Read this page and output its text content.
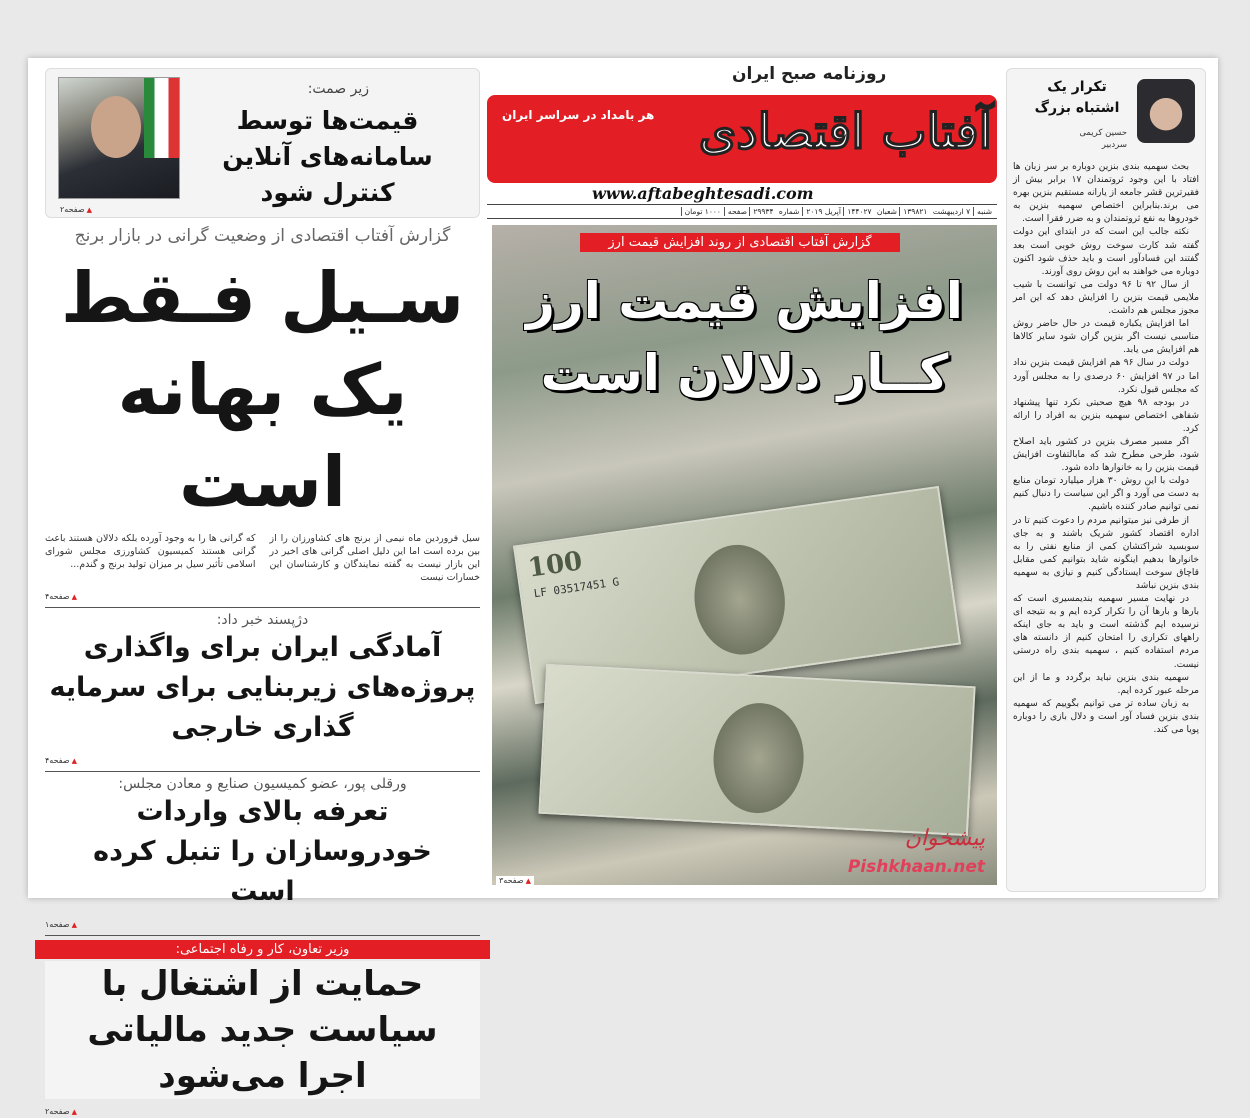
زیر صمت:
قیمت‌ها توسط سامانه‌های آنلاین کنترل شود
▲ صفحه۲
گزارش آفتاب اقتصادی از وضعیت گرانی در بازار برنج
سـیل فـقط
یک بهانه است
سیل فروردین ماه نیمی از برنج های کشاورزان را از بین برده است اما این دلیل اصلی گرانی های اخیر در این بازار نیست به گفته نمایندگان و کارشناسان این خسارات نیست
که گرانی ها را به وجود آورده بلکه دلالان هستند باعث گرانی هستند کمیسیون کشاورزی مجلس شورای اسلامی تأثیر سیل بر میزان تولید برنج و گندم...
▲ صفحه۴
دژپسند خبر داد:
آمادگی ایران برای واگذاری پروژه‌های زیربنایی برای سرمایه گذاری خارجی
▲ صفحه۴
ورقلی پور، عضو کمیسیون صنایع و معادن مجلس:
تعرفه بالای واردات خودروسازان را تنبل کرده است
▲ صفحه۱
وزیر تعاون، کار و رفاه اجتماعی:
حمایت از اشتغال با سیاست جدید مالیاتی اجرا می‌شود
▲ صفحه۲
آفتاب اقتصادی
روزنامه صبح ایران
هر بامداد در سراسر ایران
www.aftabeghtesadi.com
شنبه۷ اردیبهشت ۱۳۹۸۲۱ شعبان ۱۴۴۰۲۷ آپریل ۲۰۱۹شماره ۲۹۹۳۴ صفحه۱۰۰۰ تومان
100
LF 03517451 G
گزارش آفتاب اقتصادی از روند افزایش قیمت ارز
افزایش قیمت ارز
کــار دلالان است
پیشخوان
Pishkhaan.net
▲ صفحه۳
تکرار یک اشتباه بزرگ
حسین کریمی
سردبیر

بحث سهمیه بندی بنزین دوباره بر سر زبان ها افتاد با این وجود ثروتمندان ۱۷ برابر بیش از فقیرترین قشر جامعه از یارانه مستقیم بنزین بهره می برند.بنابراین اختصاص سهمیه بنزین به خودروها به نفع ثروتمندان و به ضرر فقرا است.

نکته جالب این است که در ابتدای این دولت گفته شد کارت سوخت روش خوبی است بعد گفتند این فسادآور است و باید حذف شود اکنون دوباره می خواهند به این روش روی آورند.

از سال ۹۲ تا ۹۶ دولت می توانست با شیب ملایمی قیمت بنزین را افزایش دهد که این امر مجوز مجلس هم داشت.

اما افزایش یکباره قیمت در حال حاضر روش مناسبی نیست اگر بنزین گران شود سایر کالاها هم افزایش می یابد.

دولت در سال ۹۶ هم افزایش قیمت بنزین نداد اما در ۹۷ افزایش ۶۰ درصدی را به مجلس آورد که مجلس قبول نکرد.

در بودجه ۹۸ هیچ صحبتی نکرد تنها پیشنهاد شفاهی اختصاص سهمیه بنزین به افراد را ارائه کرد.

اگر مسیر مصرف بنزین در کشور باید اصلاح شود، طرحی مطرح شد که مابالتفاوت افزایش قیمت بنزین را به خانوارها داده شود.

دولت با این روش ۳۰ هزار میلیارد تومان منابع به دست می آورد و اگر این سیاست را دنبال کنیم نمی توانیم صادر کننده باشیم.

از طرفی نیز میتوانیم مردم را دعوت کنیم تا در اداره اقتصاد کشور شریک باشند و به جای سوبسید شراکتشان کمی از منابع نفتی را به خانوارها بدهیم اینگونه شاید بتوانیم کمی مقابل قاچاق سوخت ایستادگی کنیم و نیازی به سهمیه بندی بنزین نباشد

در نهایت مسیر سهمیه بندیمسیری است که بارها و بارها آن را تکرار کرده ایم و به نتیجه ای نرسیده ایم گذشته است و باید به جای اینکه راههای تکراری را امتحان کنیم از دانسته های مردم استفاده کنیم ، سهمیه بندی راه درستی نیست.

سهمیه بندی بنزین نباید برگردد و ما از این مرحله عبور کرده ایم.

به زبان ساده تر می توانیم بگوییم که سهمیه بندی بنزین فساد آور است و دلال بازی را دوباره پویا می کند.
